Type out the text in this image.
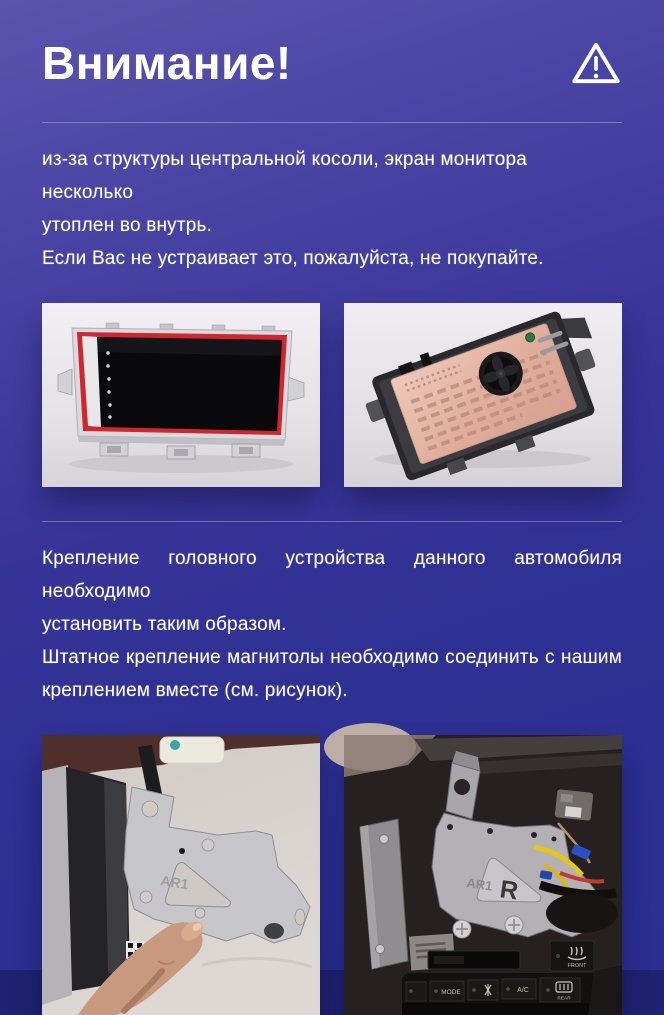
Внимание!
из-за структуры центральной косоли, экран монитора несколько
утоплен во внутрь.
Если Вас не устраивает это, пожалуйста, не покупайте.
Крепление головного устройства данного автомобиля необходимо
установить таким образом.
Штатное крепление магнитолы необходимо соединить с нашим
креплением вместе (см. рисунок).
AR1	AR1 R
FRONT
MODE	A/C
REAR
